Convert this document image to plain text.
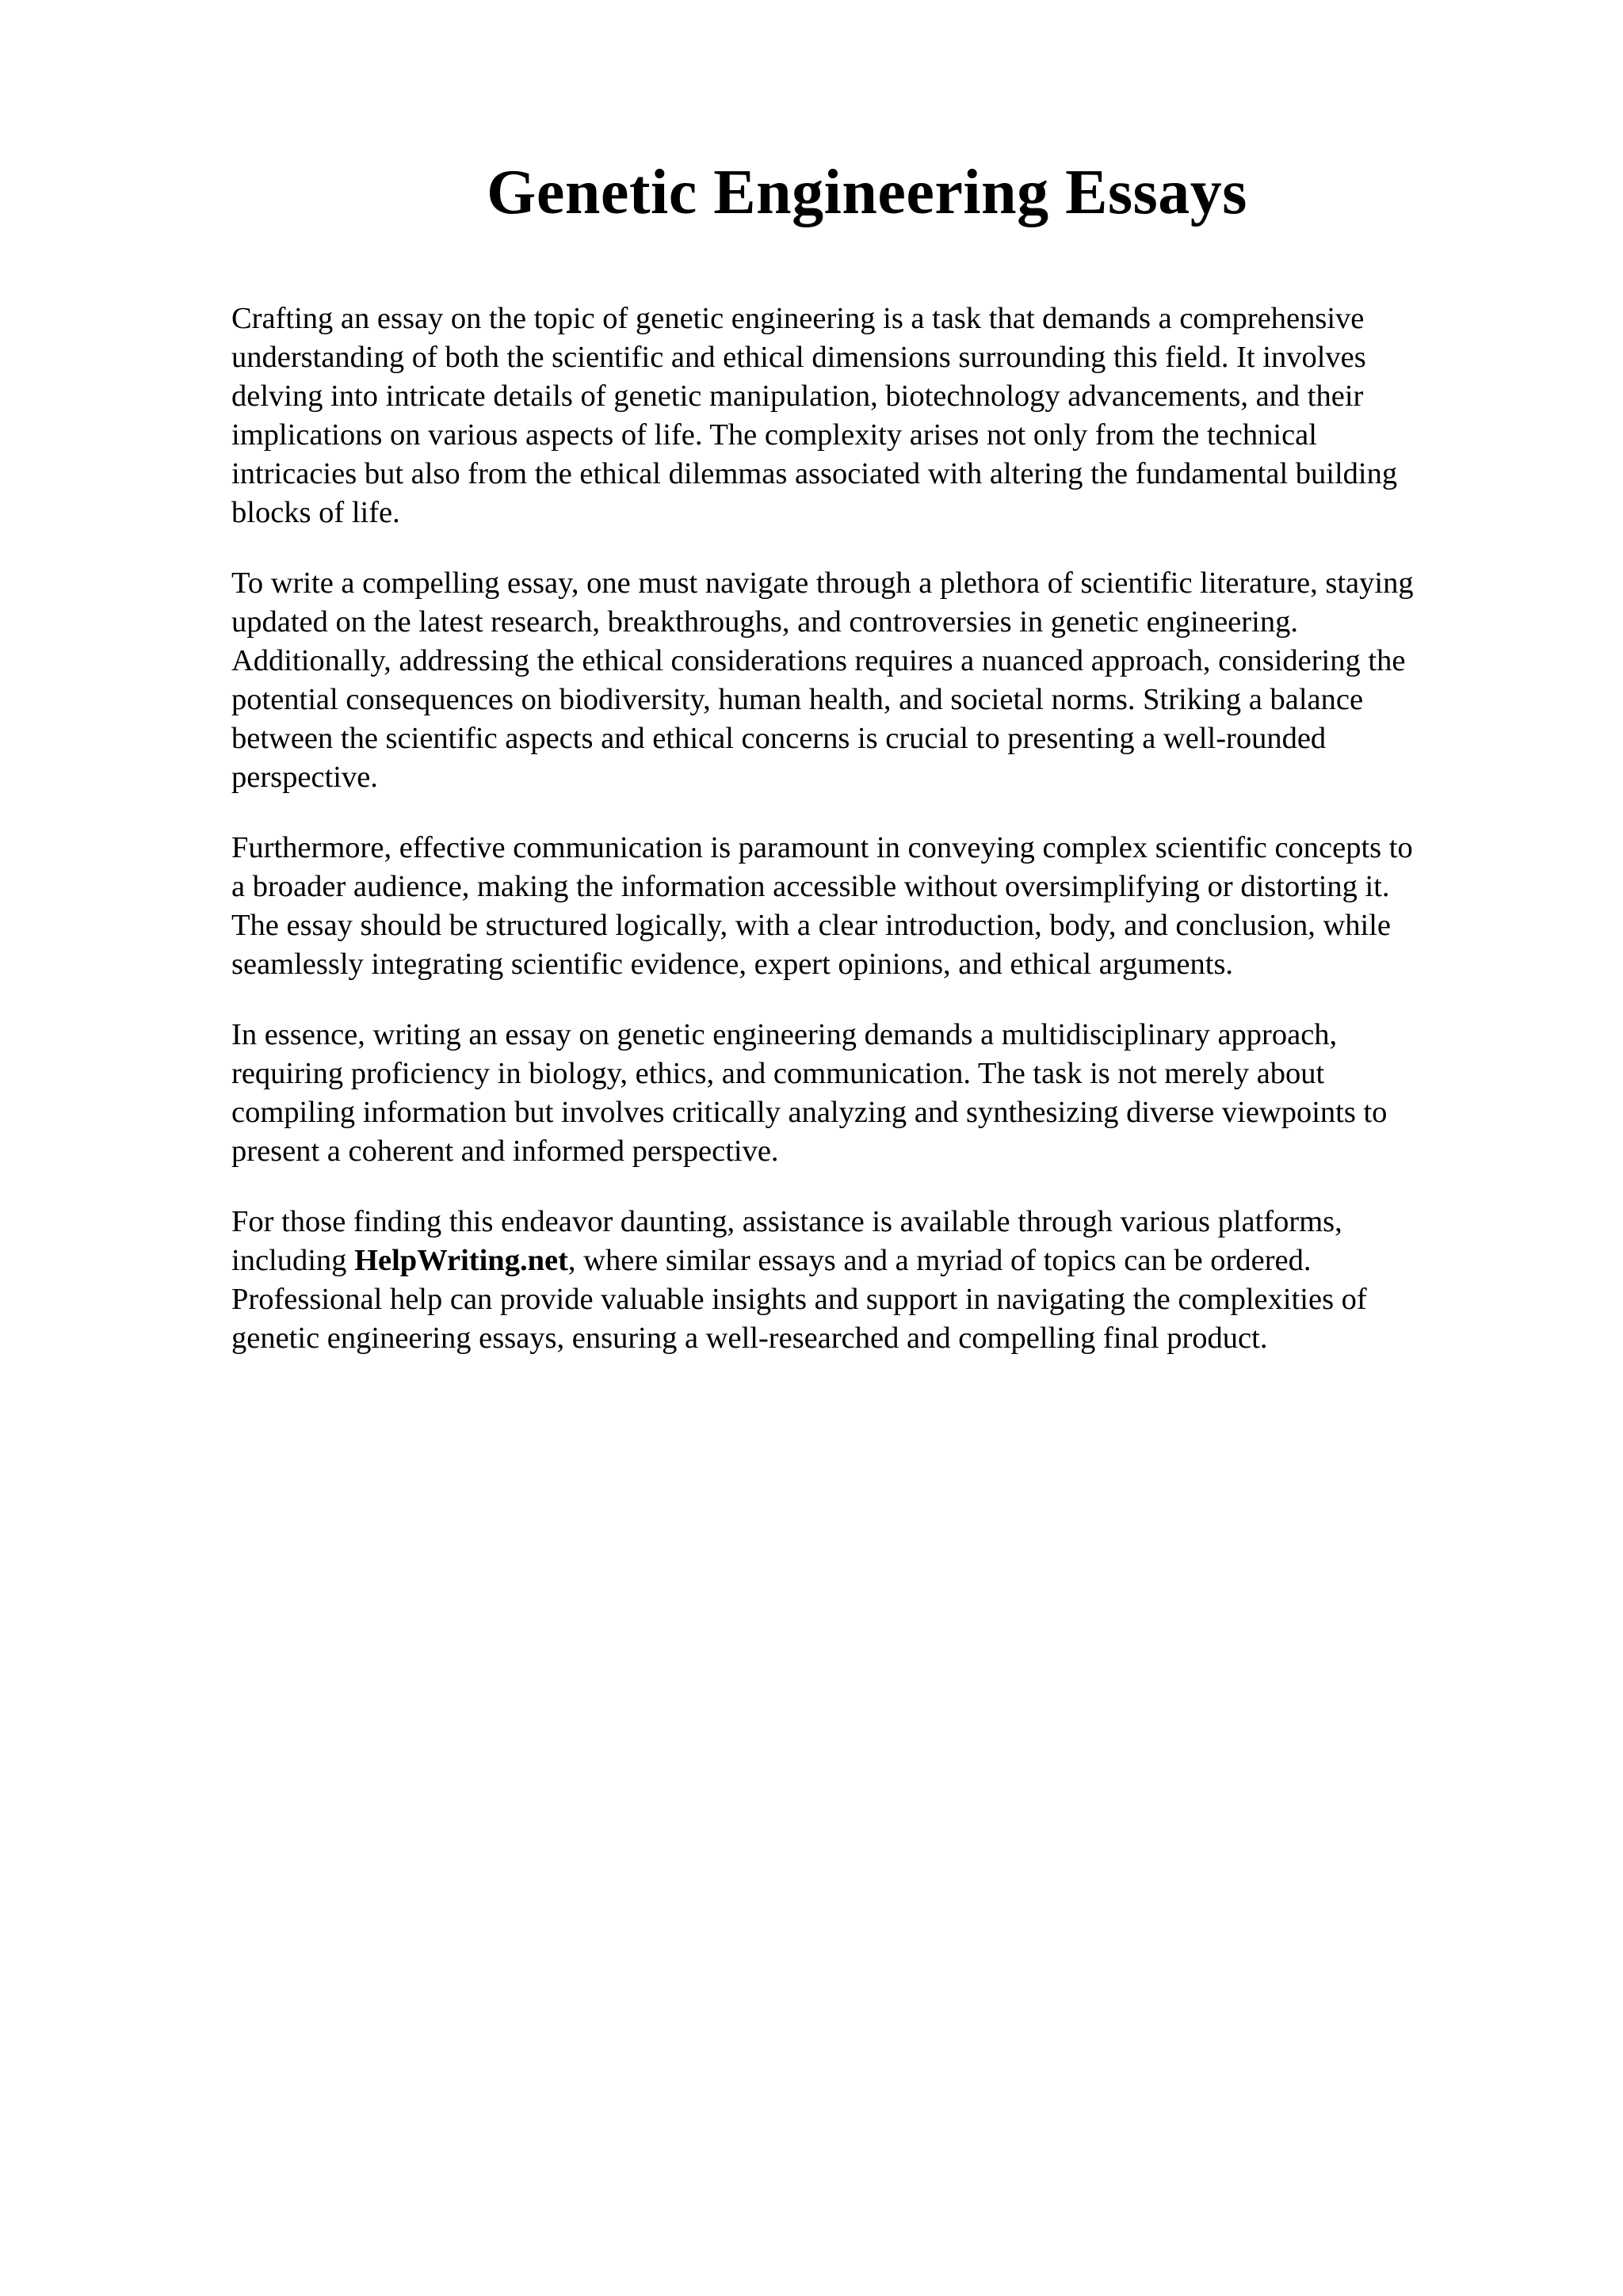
Genetic Engineering Essays

Crafting an essay on the topic of genetic engineering is a task that demands a comprehensive
understanding of both the scientific and ethical dimensions surrounding this field. It involves
delving into intricate details of genetic manipulation, biotechnology advancements, and their
implications on various aspects of life. The complexity arises not only from the technical
intricacies but also from the ethical dilemmas associated with altering the fundamental building
blocks of life.

To write a compelling essay, one must navigate through a plethora of scientific literature, staying
updated on the latest research, breakthroughs, and controversies in genetic engineering.
Additionally, addressing the ethical considerations requires a nuanced approach, considering the
potential consequences on biodiversity, human health, and societal norms. Striking a balance
between the scientific aspects and ethical concerns is crucial to presenting a well-rounded
perspective.

Furthermore, effective communication is paramount in conveying complex scientific concepts to
a broader audience, making the information accessible without oversimplifying or distorting it.
The essay should be structured logically, with a clear introduction, body, and conclusion, while
seamlessly integrating scientific evidence, expert opinions, and ethical arguments.

In essence, writing an essay on genetic engineering demands a multidisciplinary approach,
requiring proficiency in biology, ethics, and communication. The task is not merely about
compiling information but involves critically analyzing and synthesizing diverse viewpoints to
present a coherent and informed perspective.

For those finding this endeavor daunting, assistance is available through various platforms,
including HelpWriting.net, where similar essays and a myriad of topics can be ordered.
Professional help can provide valuable insights and support in navigating the complexities of
genetic engineering essays, ensuring a well-researched and compelling final product.
